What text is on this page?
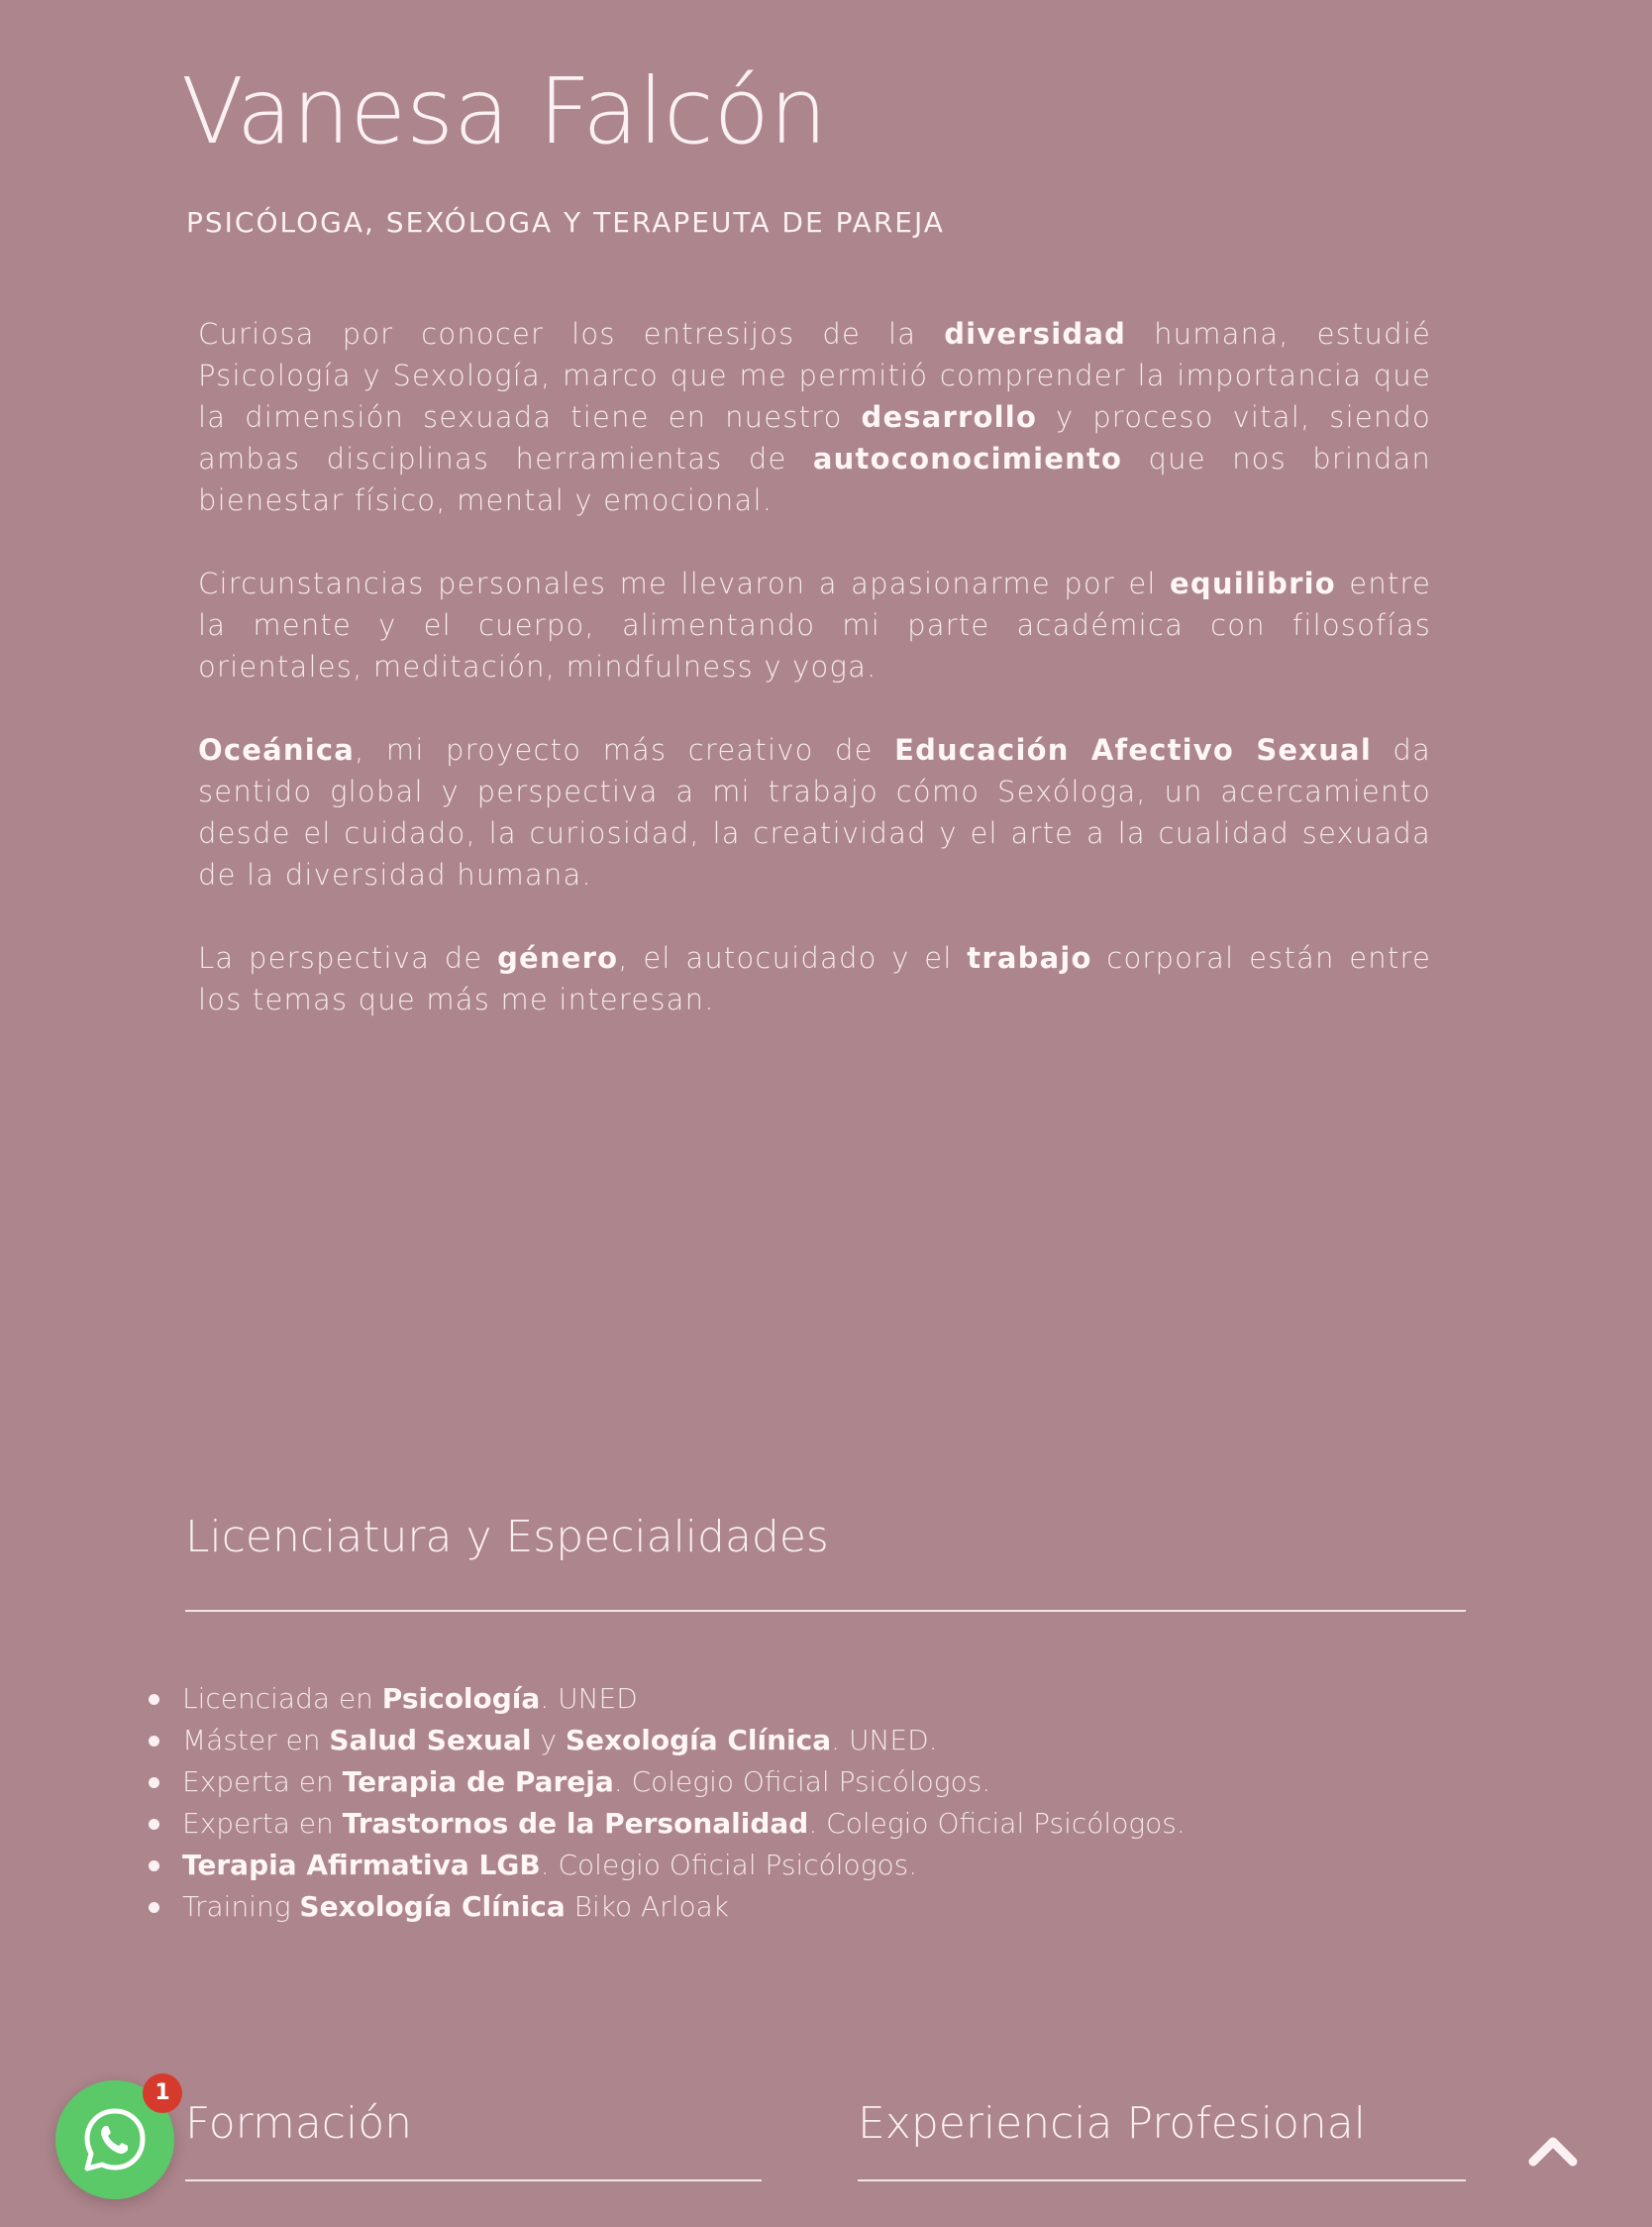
Vanesa Falcón
PSICÓLOGA, SEXÓLOGA Y TERAPEUTA DE PAREJA

Curiosa por conocer los entresijos de la diversidad humana, estudié Psicología y Sexología, marco que me permitió comprender la importancia que la dimensión sexuada tiene en nuestro desarrollo y proceso vital, siendo ambas disciplinas herramientas de autoconocimiento que nos brindan bienestar físico, mental y emocional.

Circunstancias personales me llevaron a apasionarme por el equilibrio entre la mente y el cuerpo, alimentando mi parte académica con filosofías orientales, meditación, mindfulness y yoga.

Oceánica, mi proyecto más creativo de Educación Afectivo Sexual da sentido global y perspectiva a mi trabajo cómo Sexóloga, un acercamiento desde el cuidado, la curiosidad, la creatividad y el arte a la cualidad sexuada de la diversidad humana.

La perspectiva de género, el autocuidado y el trabajo corporal están entre los temas que más me interesan.

Licenciatura y Especialidades
Licenciada en Psicología. UNED
Máster en Salud Sexual y Sexología Clínica. UNED.
Experta en Terapia de Pareja. Colegio Oficial Psicólogos.
Experta en Trastornos de la Personalidad. Colegio Oficial Psicólogos.
Terapia Afirmativa LGB. Colegio Oficial Psicólogos.
Training Sexología Clínica Biko Arloak
Formación	Experiencia Profesional
1
